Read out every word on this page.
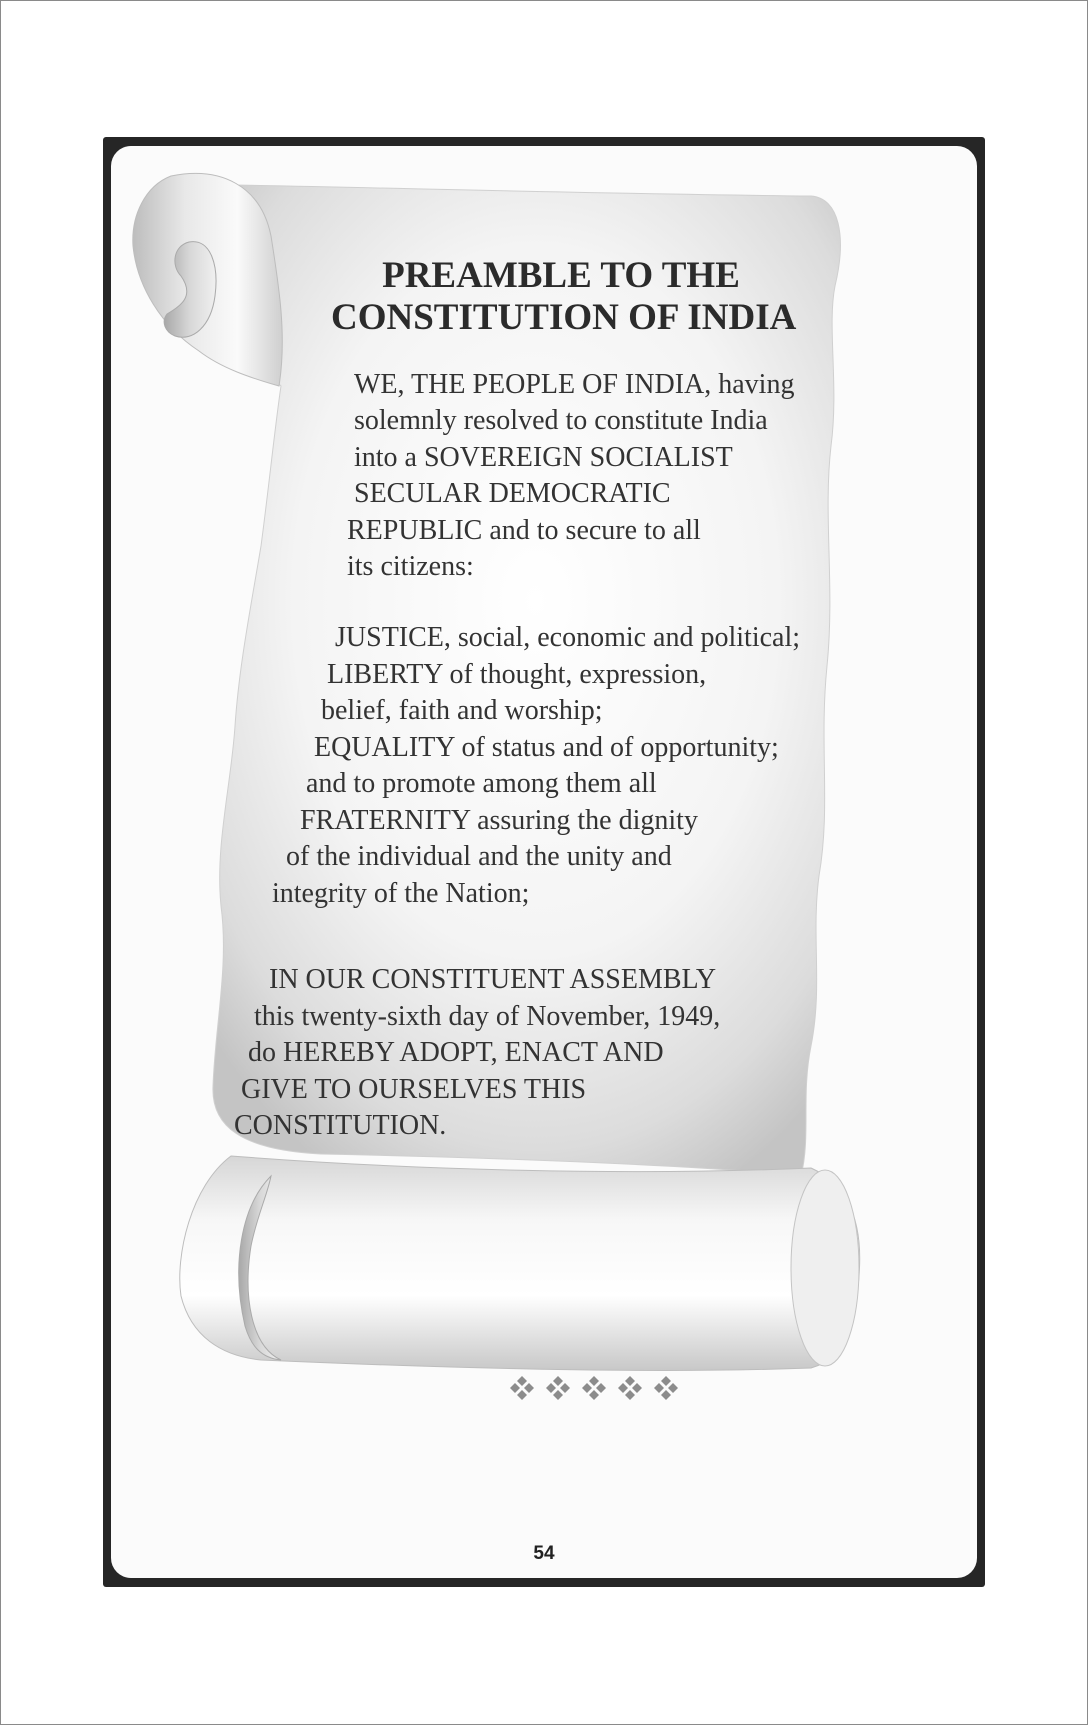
PREAMBLE TO THE
CONSTITUTION OF INDIA
WE, THE PEOPLE OF INDIA, having
solemnly resolved to constitute India
into a SOVEREIGN SOCIALIST
SECULAR DEMOCRATIC
REPUBLIC and to secure to all
its citizens:
JUSTICE, social, economic and political;
LIBERTY of thought, expression,
belief, faith and worship;
EQUALITY of status and of opportunity;
and to promote among them all
FRATERNITY assuring the dignity
of the individual and the unity and
integrity of the Nation;
IN OUR CONSTITUENT ASSEMBLY
this twenty-sixth day of November, 1949,
do HEREBY ADOPT, ENACT AND
GIVE TO OURSELVES THIS
CONSTITUTION.
54
